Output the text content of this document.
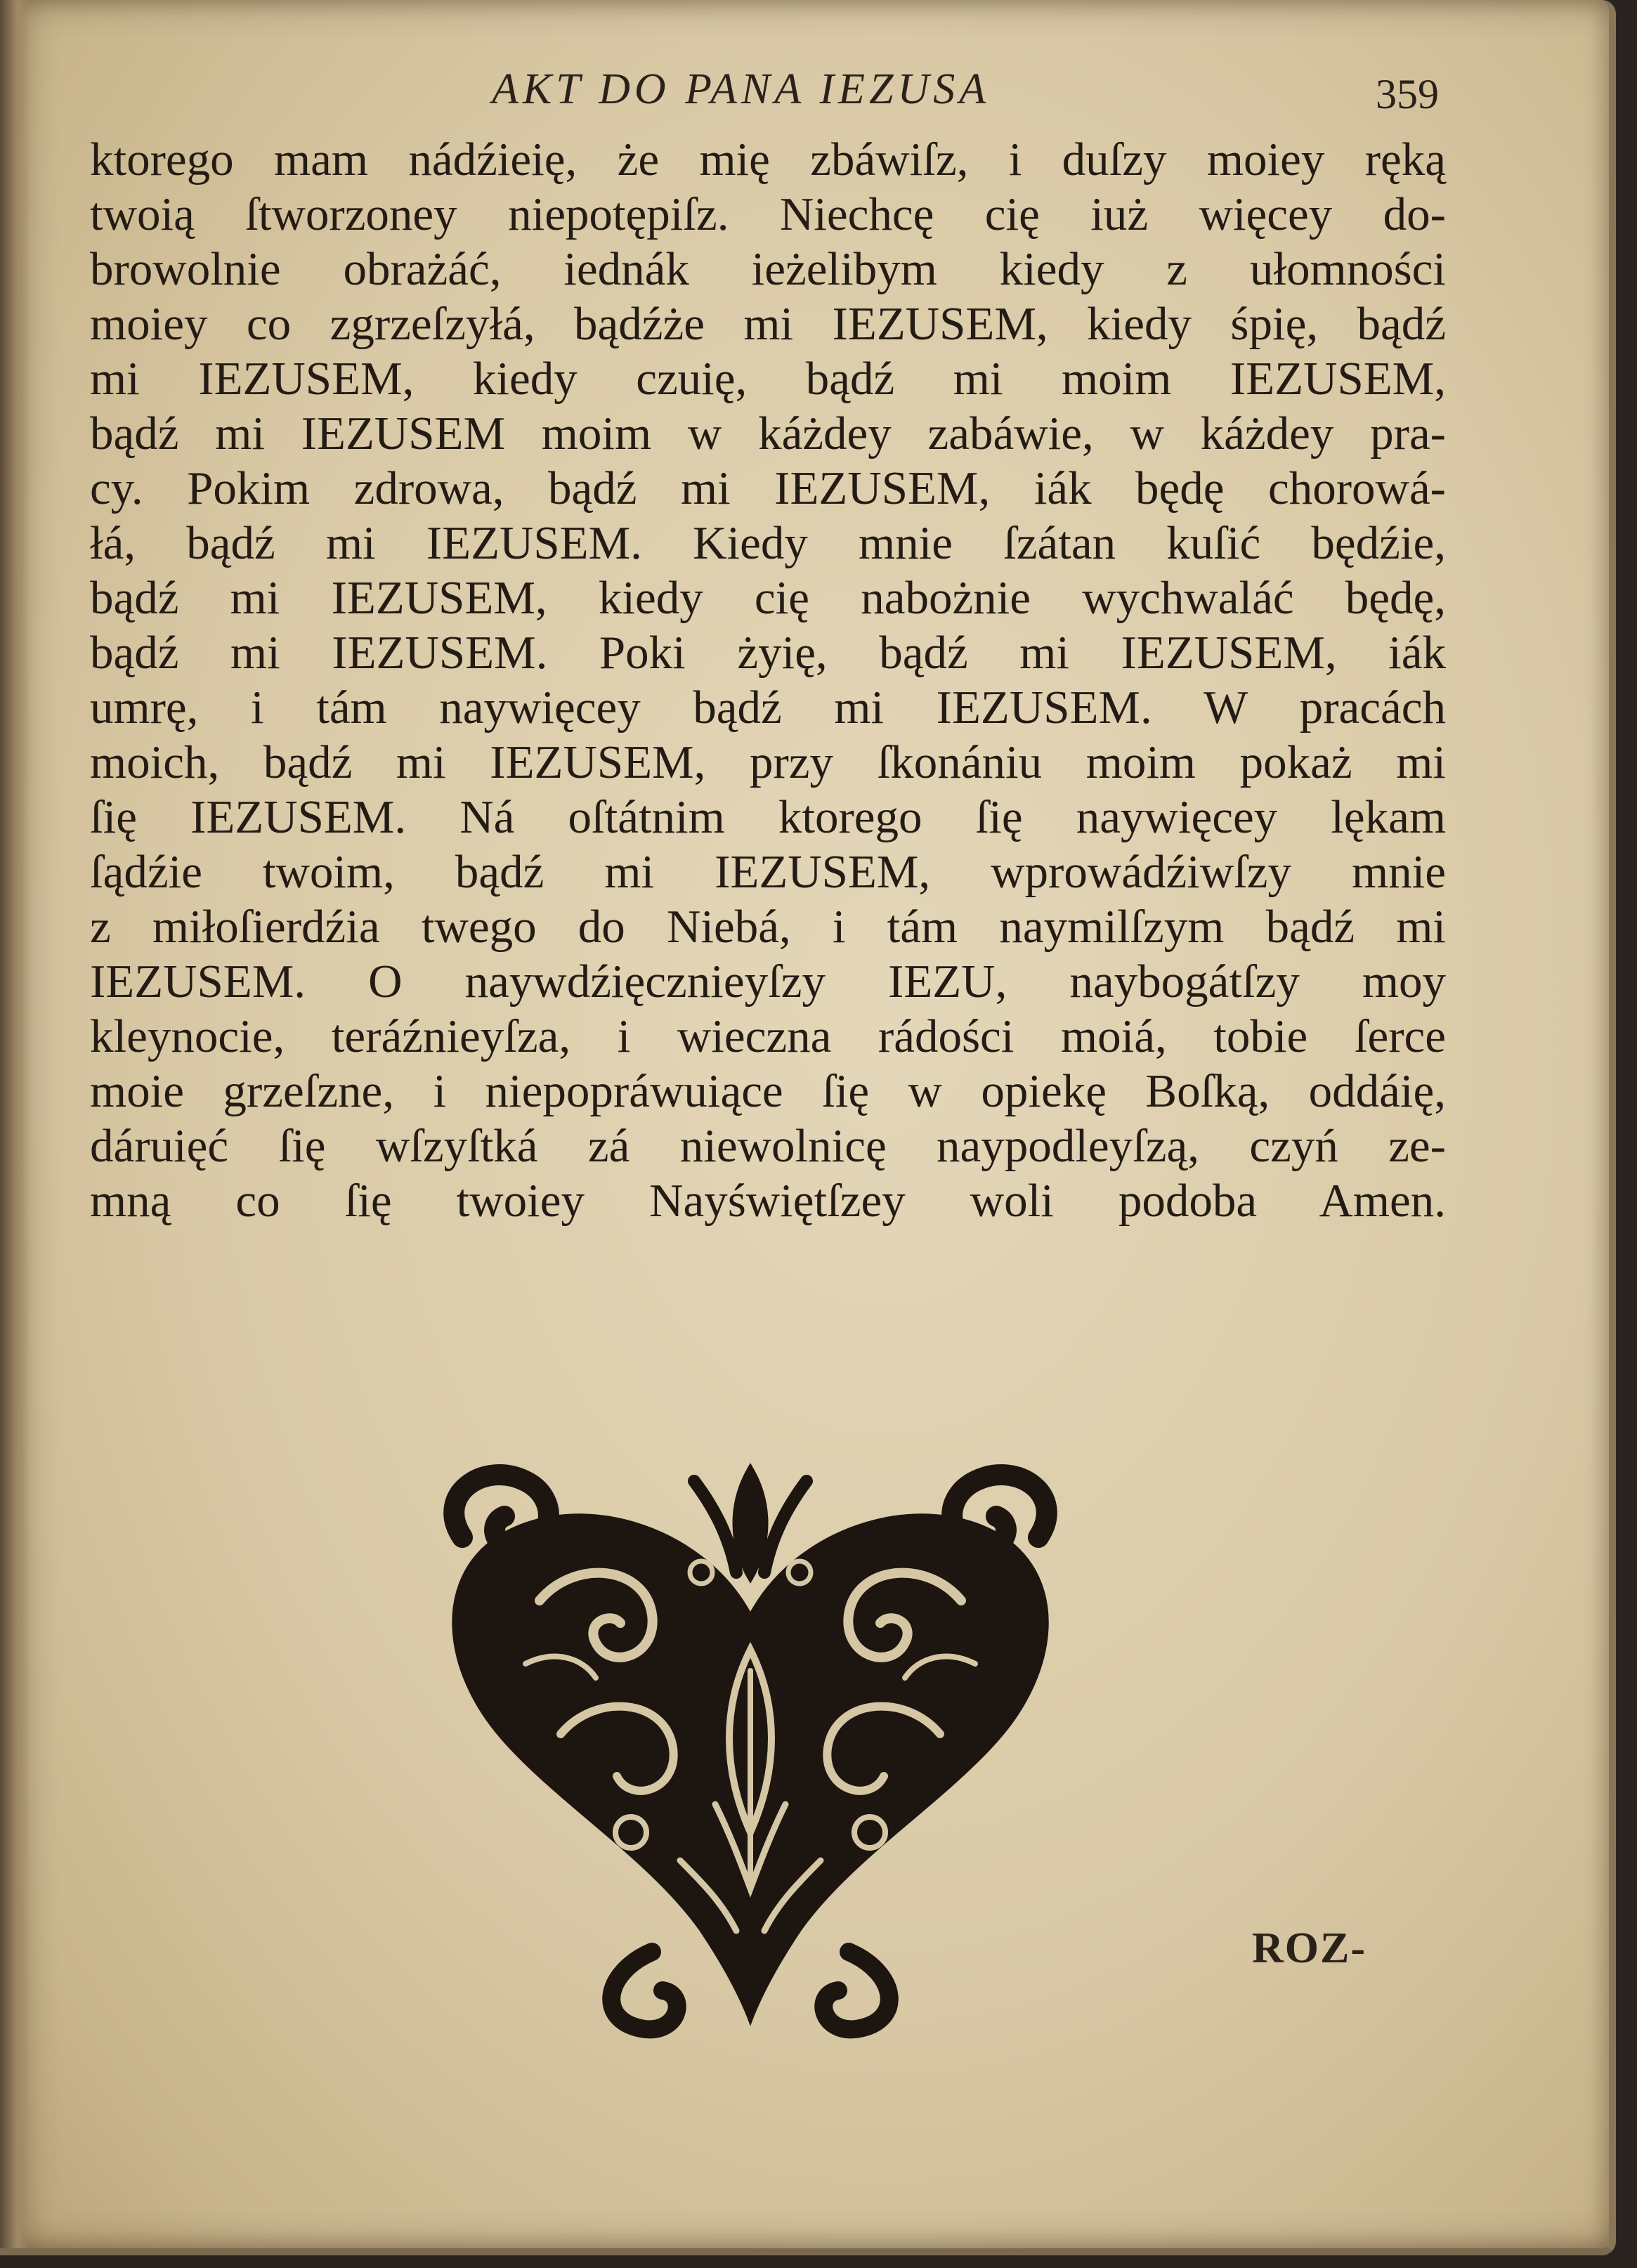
AKT DO PANA IEZUSA	359
ktorego mam nádźieię, że mię zbáwiſz, i duſzy moiey ręką
twoią ſtworzoney niepotępiſz. Niechcę cię iuż więcey do-
browolnie obrażáć, iednák ieżelibym kiedy z ułomności
moiey co zgrzeſzyłá, bądźże mi IEZUSEM, kiedy śpię, bądź
mi IEZUSEM, kiedy czuię, bądź mi moim IEZUSEM,
bądź mi IEZUSEM moim w káżdey zabáwie, w káżdey pra-
cy. Pokim zdrowa, bądź mi IEZUSEM, iák będę chorowá-
łá, bądź mi IEZUSEM. Kiedy mnie ſzátan kuſić będźie,
bądź mi IEZUSEM, kiedy cię nabożnie wychwaláć będę,
bądź mi IEZUSEM. Poki żyię, bądź mi IEZUSEM, iák
umrę, i tám naywięcey bądź mi IEZUSEM. W pracách
moich, bądź mi IEZUSEM, przy ſkonániu moim pokaż mi
ſię IEZUSEM. Ná oſtátnim ktorego ſię naywięcey lękam
ſądźie twoim, bądź mi IEZUSEM, wprowádźiwſzy mnie
z miłoſierdźia twego do Niebá, i tám naymilſzym bądź mi
IEZUSEM. O naywdźięcznieyſzy IEZU, naybogátſzy moy
kleynocie, teráźnieyſza, i wieczna rádości moiá, tobie ſerce
moie grzeſzne, i niepopráwuiące ſię w opiekę Boſką, oddáię,
dáruięć ſię wſzyſtká zá niewolnicę naypodleyſzą, czyń ze-
mną co ſię twoiey Nayświętſzey woli podoba Amen.
ROZ-
